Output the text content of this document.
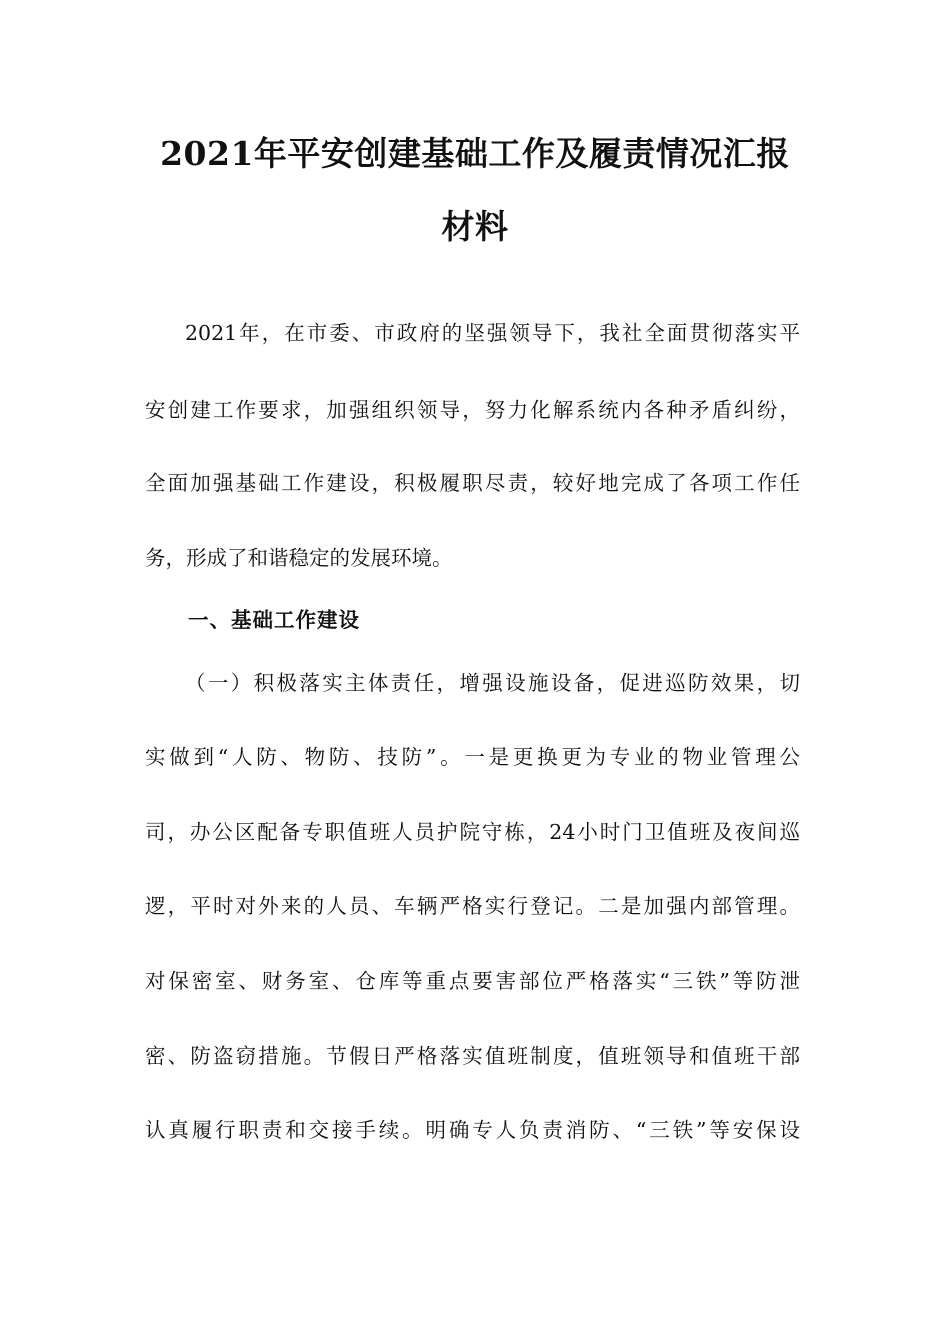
2021年平安创建基础工作及履责情况汇报
材料
2021年，在市委、市政府的坚强领导下，我社全面贯彻落实平
安创建工作要求，加强组织领导，努力化解系统内各种矛盾纠纷，
全面加强基础工作建设，积极履职尽责，较好地完成了各项工作任
务，形成了和谐稳定的发展环境。
一、基础工作建设
（一）积极落实主体责任，增强设施设备，促进巡防效果，切
实做到“人防、物防、技防”。一是更换更为专业的物业管理公
司，办公区配备专职值班人员护院守栋，24小时门卫值班及夜间巡
逻，平时对外来的人员、车辆严格实行登记。二是加强内部管理。
对保密室、财务室、仓库等重点要害部位严格落实“三铁”等防泄
密、防盗窃措施。节假日严格落实值班制度，值班领导和值班干部
认真履行职责和交接手续。明确专人负责消防、“三铁”等安保设
